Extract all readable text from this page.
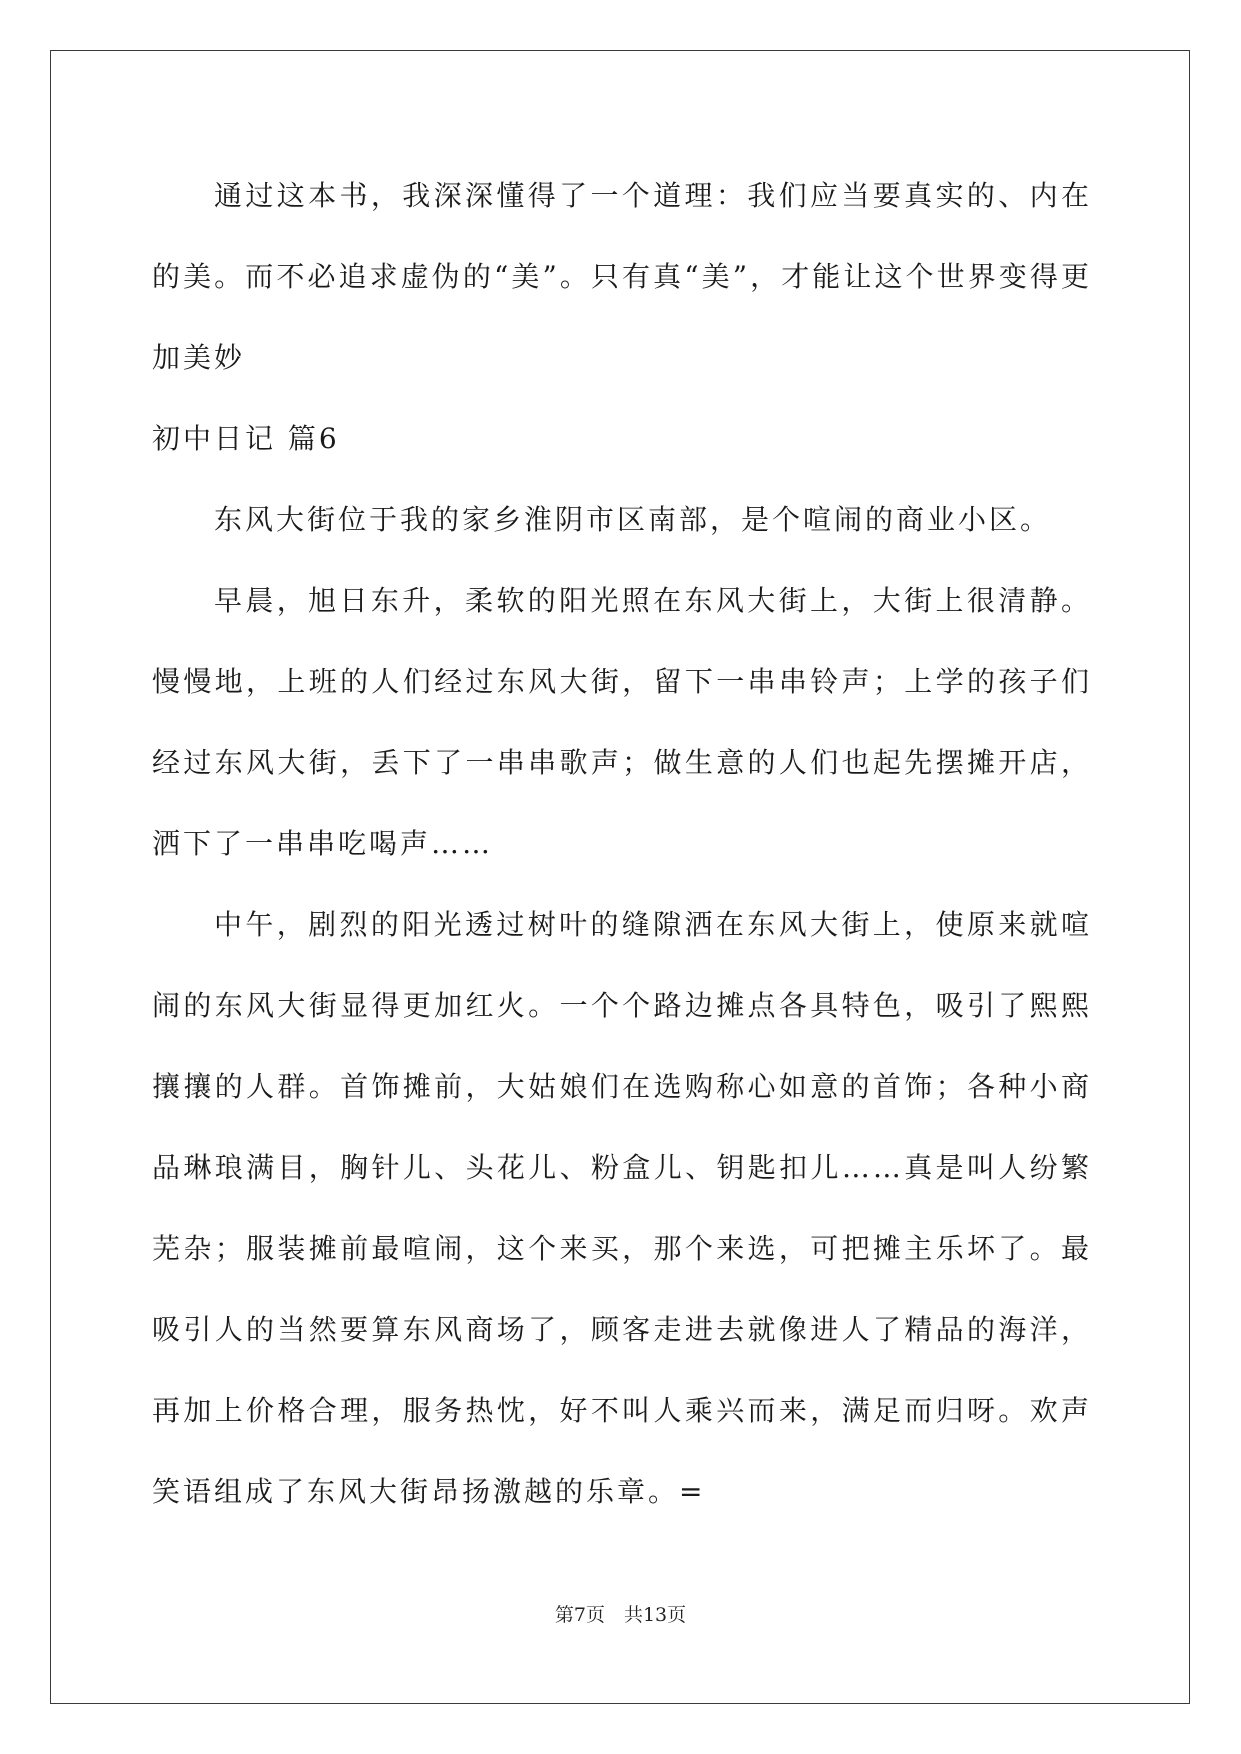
通过这本书，我深深懂得了一个道理：我们应当要真实的、内在的美。而不必追求虚伪的“美”。只有真“美”，才能让这个世界变得更加美妙

初中日记 篇6

东风大街位于我的家乡淮阴市区南部，是个喧闹的商业小区。

早晨，旭日东升，柔软的阳光照在东风大街上，大街上很清静。慢慢地，上班的人们经过东风大街，留下一串串铃声；上学的孩子们经过东风大街，丢下了一串串歌声；做生意的人们也起先摆摊开店，洒下了一串串吃喝声……

中午，剧烈的阳光透过树叶的缝隙洒在东风大街上，使原来就喧闹的东风大街显得更加红火。一个个路边摊点各具特色，吸引了熙熙攘攘的人群。首饰摊前，大姑娘们在选购称心如意的首饰；各种小商品琳琅满目，胸针儿、头花儿、粉盒儿、钥匙扣儿……真是叫人纷繁芜杂；服装摊前最喧闹，这个来买，那个来选，可把摊主乐坏了。最吸引人的当然要算东风商场了，顾客走进去就像进人了精品的海洋，再加上价格合理，服务热忱，好不叫人乘兴而来，满足而归呀。欢声笑语组成了东风大街昂扬激越的乐章。=

第7页　共13页
